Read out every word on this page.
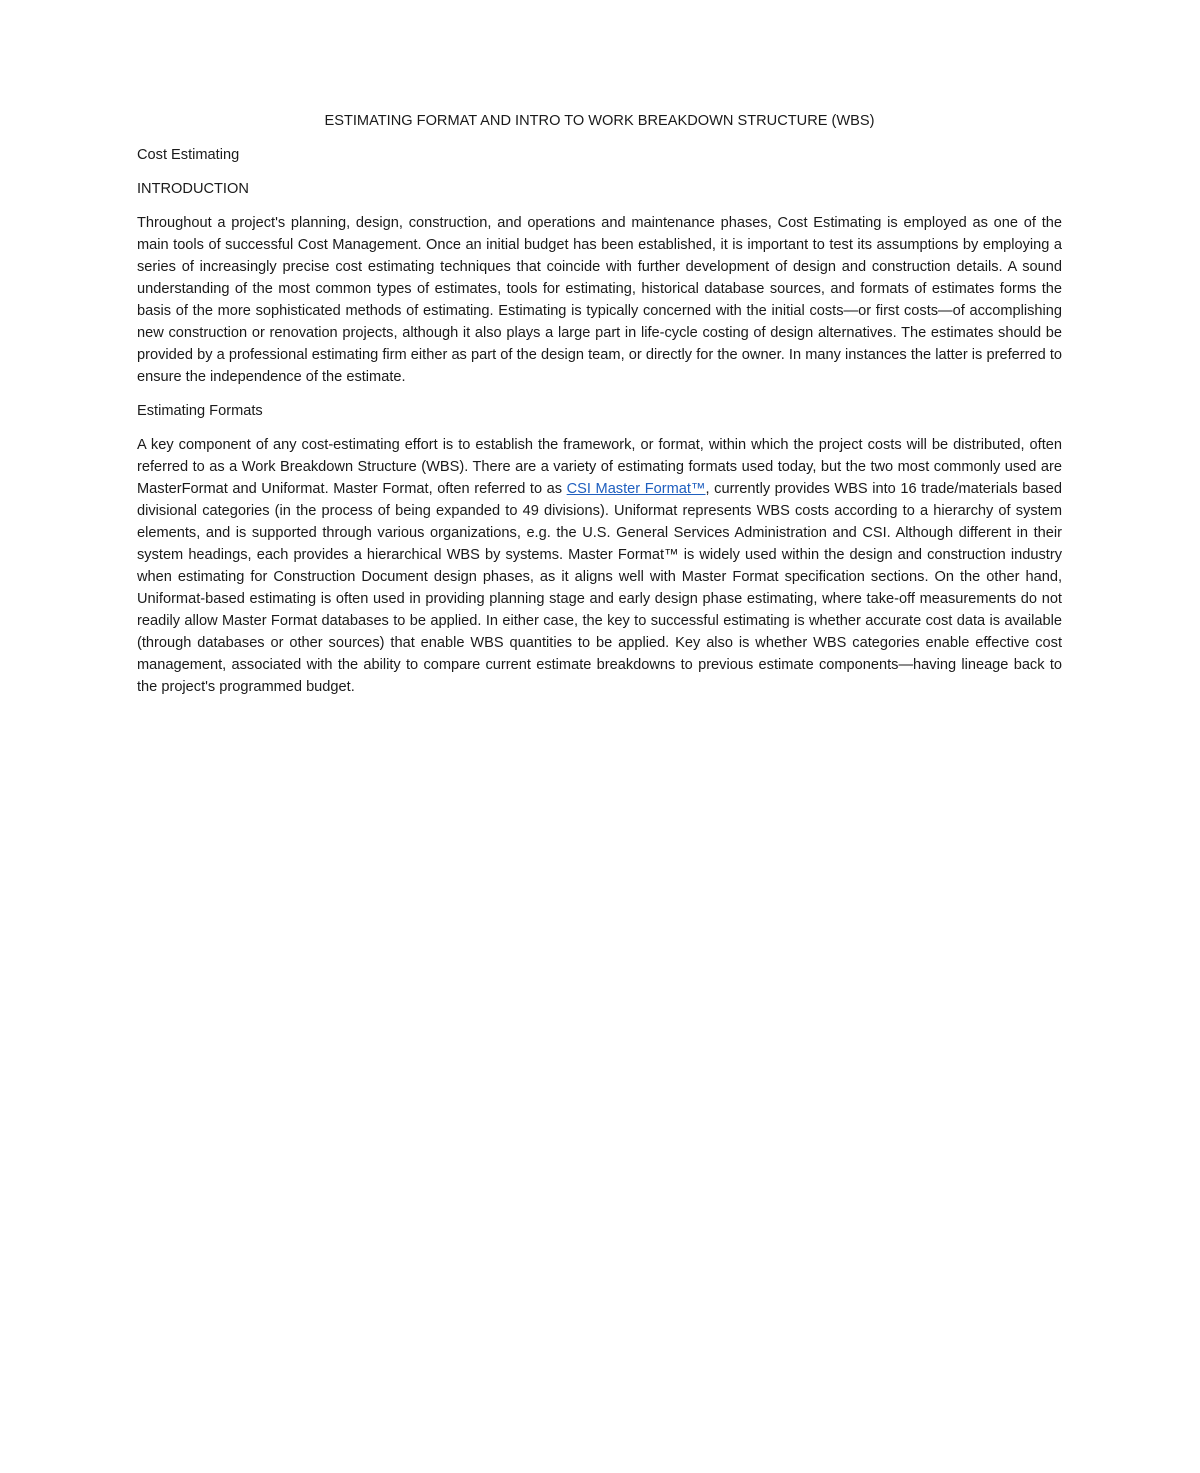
ESTIMATING FORMAT AND INTRO TO WORK BREAKDOWN STRUCTURE (WBS)

Cost Estimating

INTRODUCTION

Throughout a project's planning, design, construction, and operations and maintenance phases, Cost Estimating is employed as one of the main tools of successful Cost Management. Once an initial budget has been established, it is important to test its assumptions by employing a series of increasingly precise cost estimating techniques that coincide with further development of design and construction details. A sound understanding of the most common types of estimates, tools for estimating, historical database sources, and formats of estimates forms the basis of the more sophisticated methods of estimating. Estimating is typically concerned with the initial costs—or first costs—of accomplishing new construction or renovation projects, although it also plays a large part in life-cycle costing of design alternatives. The estimates should be provided by a professional estimating firm either as part of the design team, or directly for the owner. In many instances the latter is preferred to ensure the independence of the estimate.

Estimating Formats

A key component of any cost-estimating effort is to establish the framework, or format, within which the project costs will be distributed, often referred to as a Work Breakdown Structure (WBS). There are a variety of estimating formats used today, but the two most commonly used are MasterFormat and Uniformat. Master Format, often referred to as CSI Master Format™, currently provides WBS into 16 trade/materials based divisional categories (in the process of being expanded to 49 divisions). Uniformat represents WBS costs according to a hierarchy of system elements, and is supported through various organizations, e.g. the U.S. General Services Administration and CSI. Although different in their system headings, each provides a hierarchical WBS by systems. Master Format™ is widely used within the design and construction industry when estimating for Construction Document design phases, as it aligns well with Master Format specification sections. On the other hand, Uniformat-based estimating is often used in providing planning stage and early design phase estimating, where take-off measurements do not readily allow Master Format databases to be applied. In either case, the key to successful estimating is whether accurate cost data is available (through databases or other sources) that enable WBS quantities to be applied. Key also is whether WBS categories enable effective cost management, associated with the ability to compare current estimate breakdowns to previous estimate components—having lineage back to the project's programmed budget.
